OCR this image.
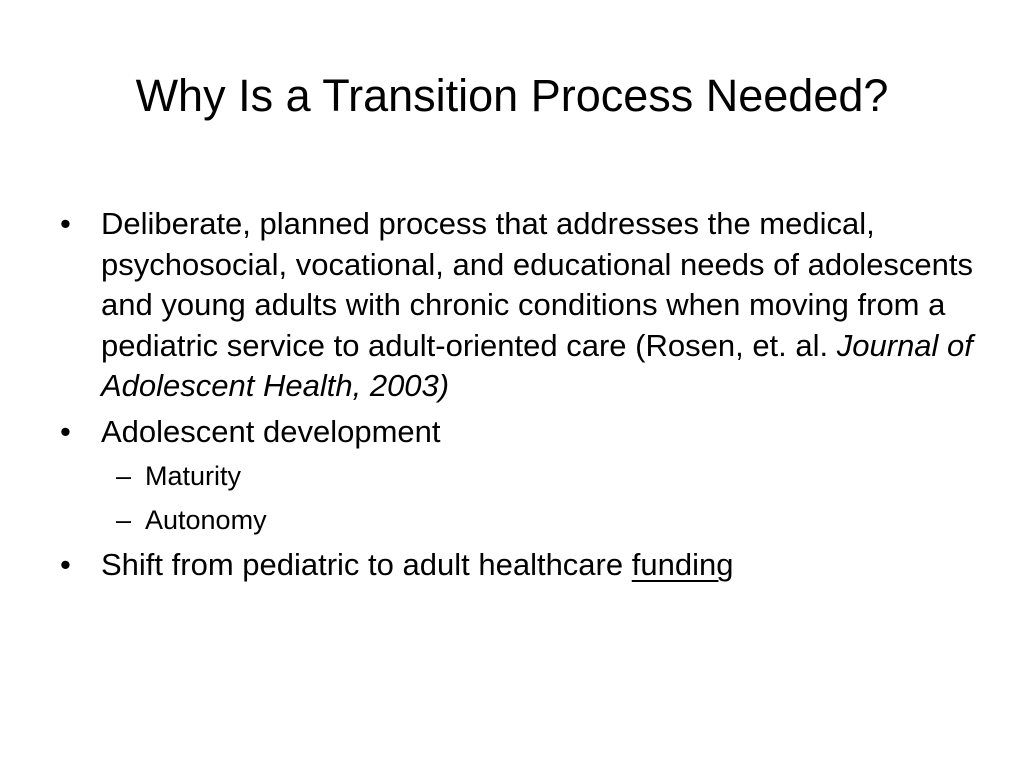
Why Is a Transition Process Needed?
• Deliberate, planned process that addresses the medical, psychosocial, vocational, and educational needs of adolescents and young adults with chronic conditions when moving from a pediatric service to adult-oriented care (Rosen, et. al. Journal of Adolescent Health, 2003)
• Adolescent development
– Maturity
– Autonomy
• Shift from pediatric to adult healthcare funding
